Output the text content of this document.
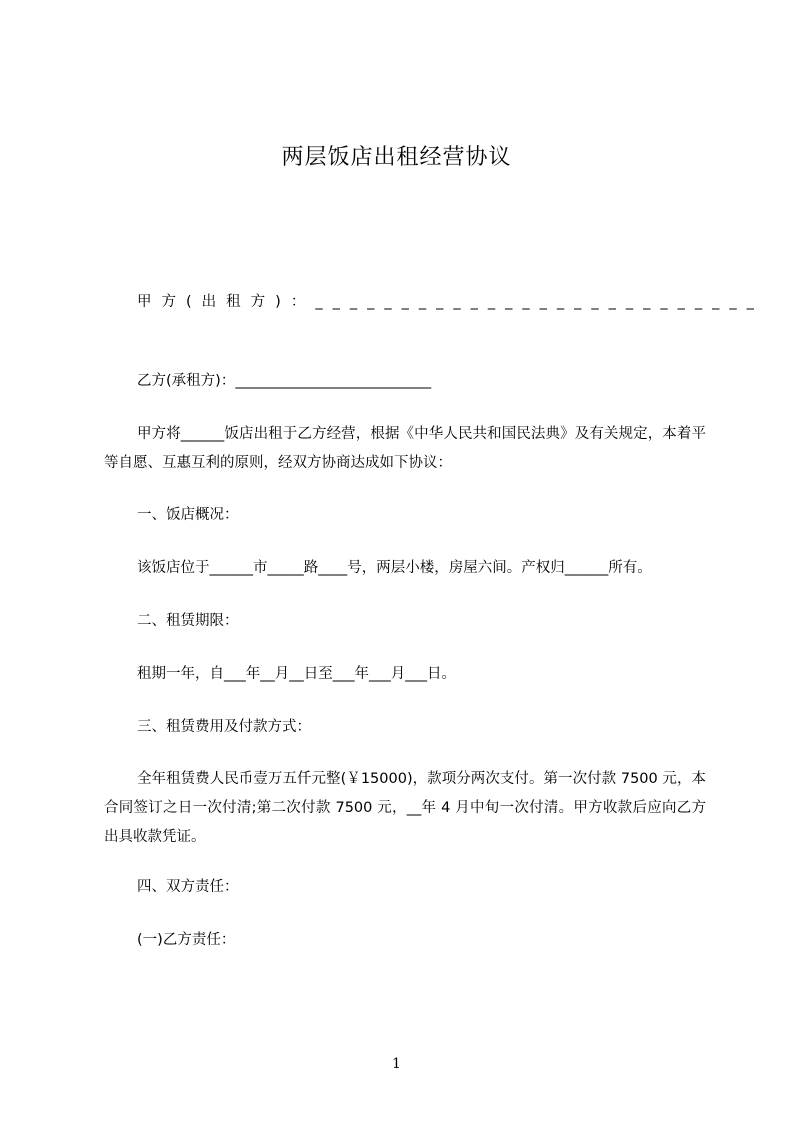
两层饭店出租经营协议
甲方(出租方)：__________________________
乙方(承租方)：___________________________
甲方将______饭店出租于乙方经营，根据《中华人民共和国民法典》及有关规定，本着平等自愿、互惠互利的原则，经双方协商达成如下协议：
一、饭店概况：
该饭店位于______市_____路____号，两层小楼，房屋六间。产权归______所有。
二、租赁期限：
租期一年，自___年__月__日至___年___月___日。
三、租赁费用及付款方式：
全年租赁费人民币壹万五仟元整(￥15000)，款项分两次支付。第一次付款 7500 元，本合同签订之日一次付清;第二次付款 7500 元，__年 4 月中旬一次付清。甲方收款后应向乙方出具收款凭证。
四、双方责任：
(一)乙方责任：
1
